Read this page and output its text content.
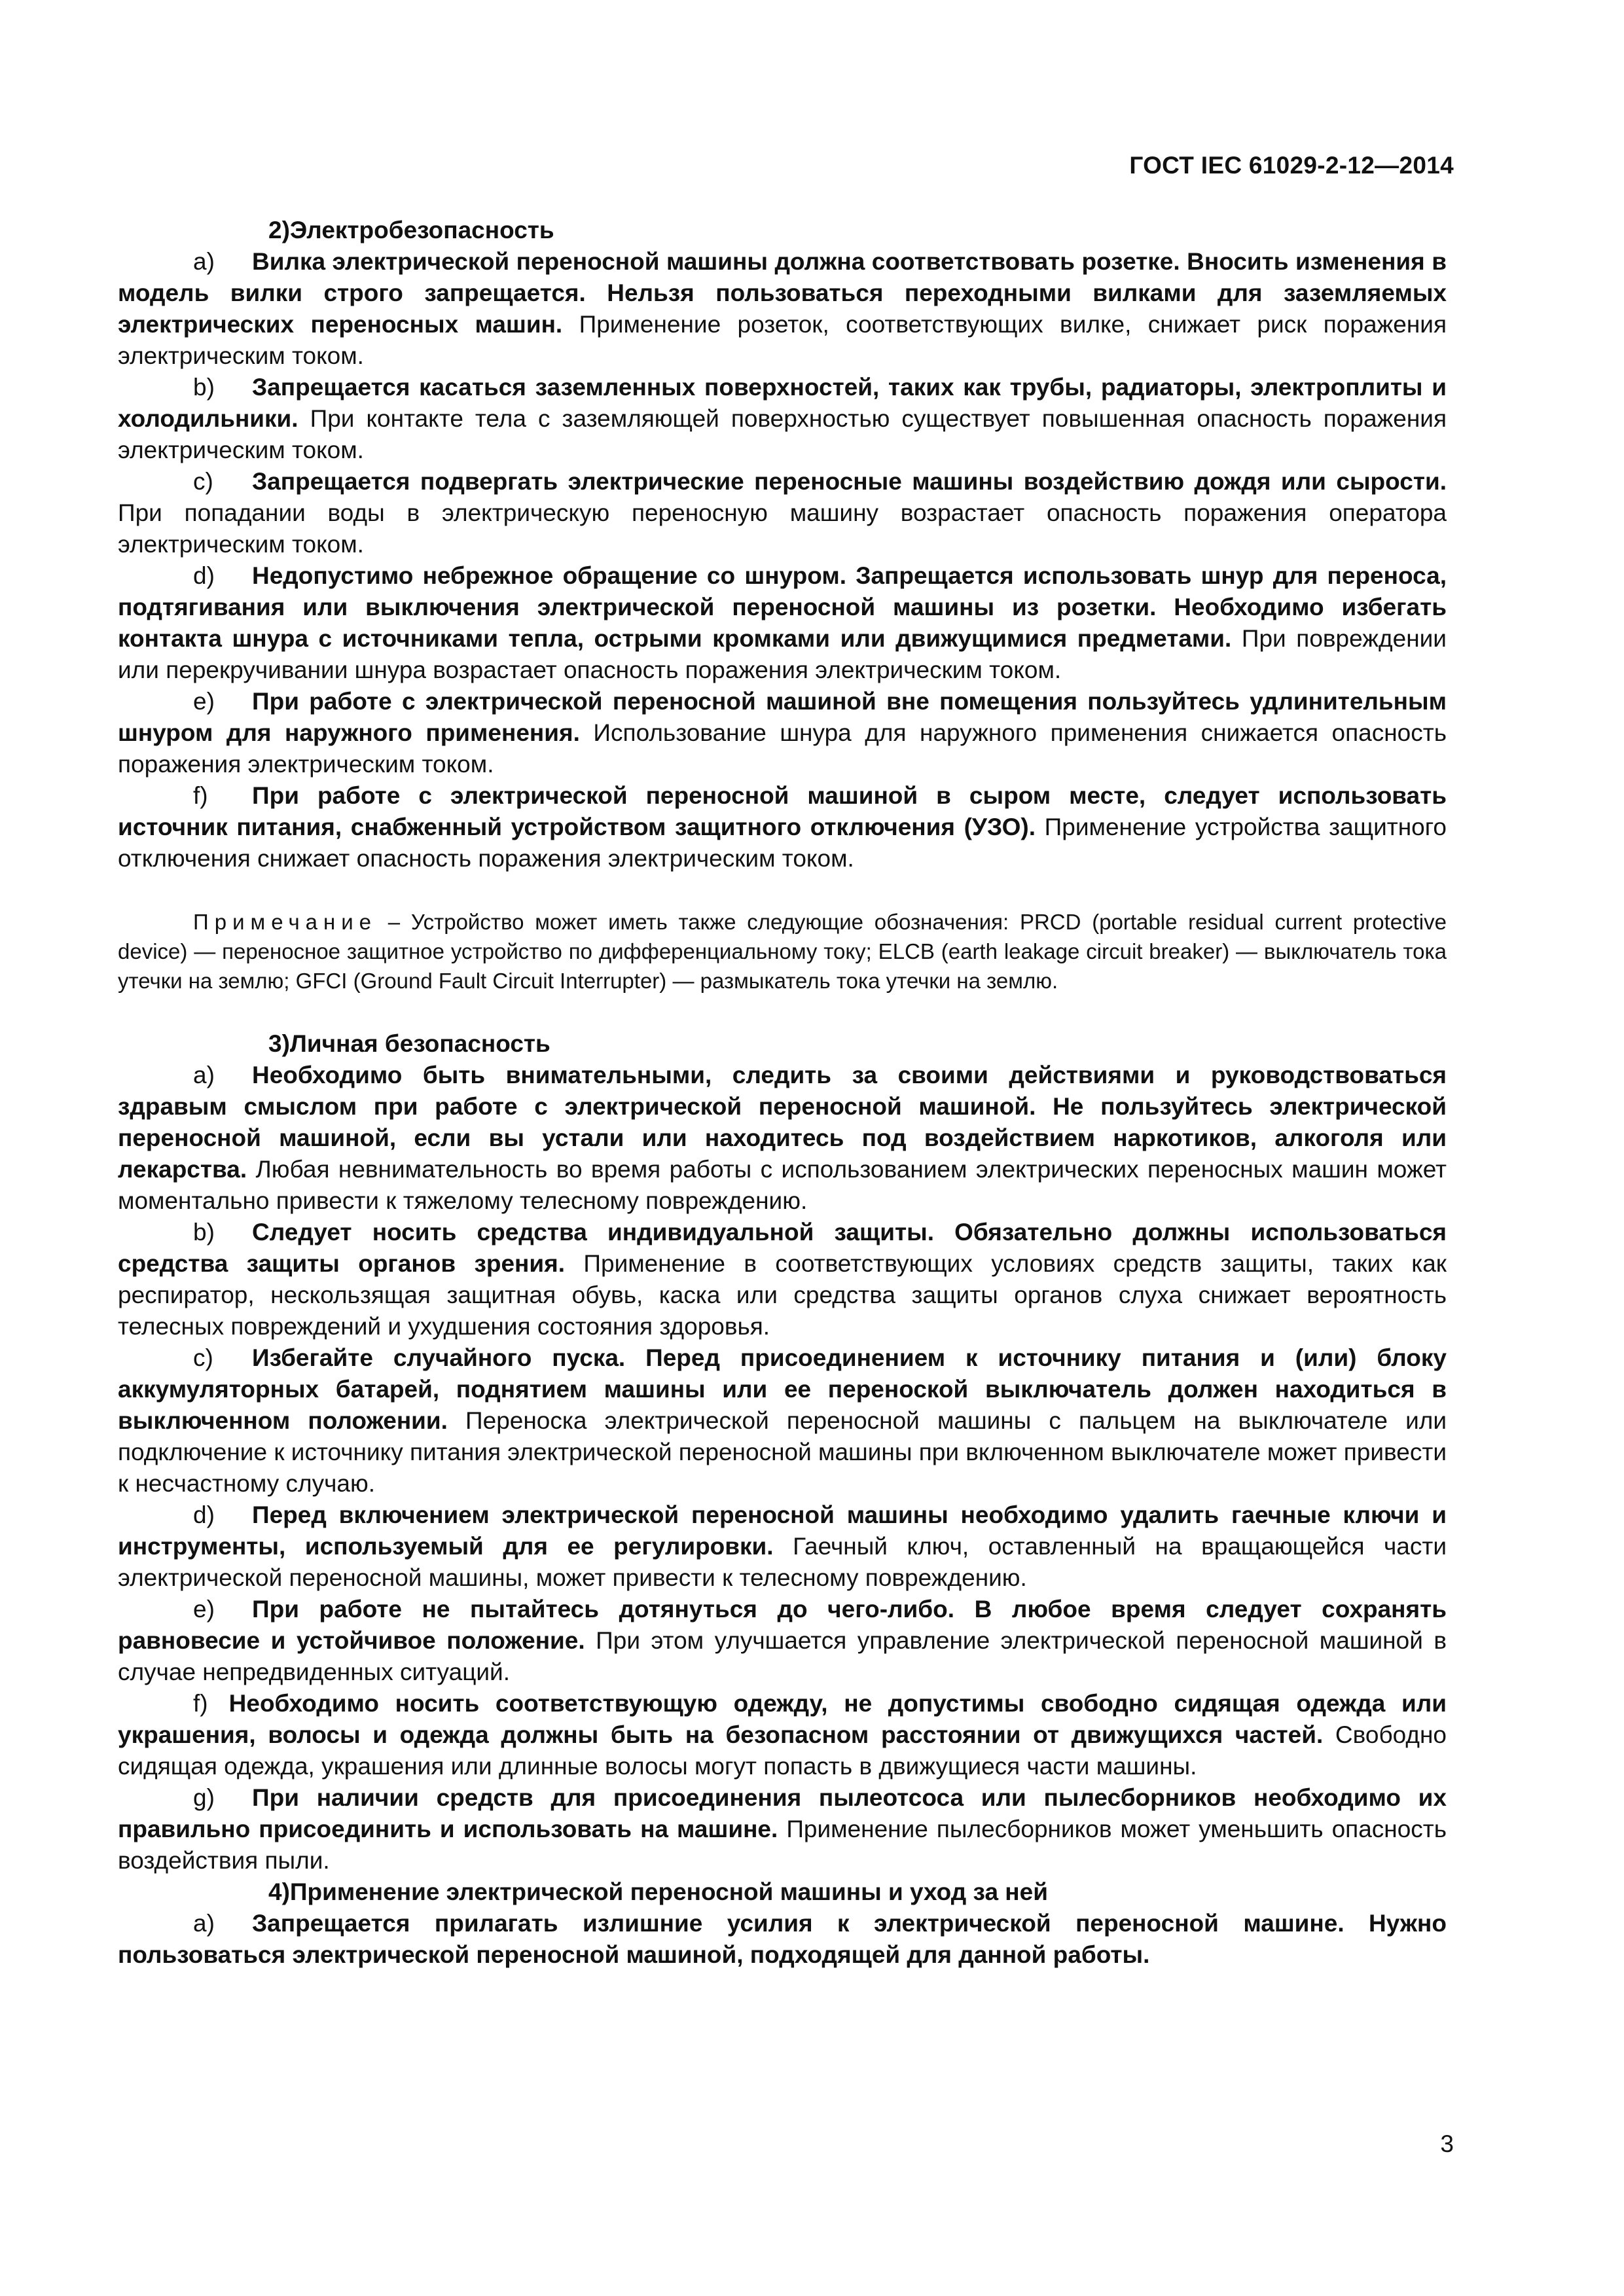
ГОСТ IEC 61029-2-12—2014

2)Электробезопасность

a) Вилка электрической переносной машины должна соответствовать розетке. Вносить изменения в модель вилки строго запрещается. Нельзя пользоваться переходными вилками для заземляемых электрических переносных машин. Применение розеток, соответствующих вилке, снижает риск поражения электрическим током.

b) Запрещается касаться заземленных поверхностей, таких как трубы, радиаторы, электроплиты и холодильники. При контакте тела с заземляющей поверхностью существует повышенная опасность поражения электрическим током.

c) Запрещается подвергать электрические переносные машины воздействию дождя или сырости. При попадании воды в электрическую переносную машину возрастает опасность поражения оператора электрическим током.

d) Недопустимо небрежное обращение со шнуром. Запрещается использовать шнур для переноса, подтягивания или выключения электрической переносной машины из розетки. Необходимо избегать контакта шнура с источниками тепла, острыми кромками или движущимися предметами. При повреждении или перекручивании шнура возрастает опасность поражения электрическим током.

e) При работе с электрической переносной машиной вне помещения пользуйтесь удлинительным шнуром для наружного применения. Использование шнура для наружного применения снижается опасность поражения электрическим током.

f) При работе с электрической переносной машиной в сыром месте, следует использовать источник питания, снабженный устройством защитного отключения (УЗО). Применение устройства защитного отключения снижает опасность поражения электрическим током.

Примечание – Устройство может иметь также следующие обозначения: PRCD (portable residual current protective device) — переносное защитное устройство по дифференциальному току; ELCB (earth leakage circuit breaker) — выключатель тока утечки на землю; GFCI (Ground Fault Circuit Interrupter) — размыкатель тока утечки на землю.

3)Личная безопасность

a) Необходимо быть внимательными, следить за своими действиями и руководствоваться здравым смыслом при работе с электрической переносной машиной. Не пользуйтесь электрической переносной машиной, если вы устали или находитесь под воздействием наркотиков, алкоголя или лекарства. Любая невнимательность во время работы с использованием электрических переносных машин может моментально привести к тяжелому телесному повреждению.

b) Следует носить средства индивидуальной защиты. Обязательно должны использоваться средства защиты органов зрения. Применение в соответствующих условиях средств защиты, таких как респиратор, нескользящая защитная обувь, каска или средства защиты органов слуха снижает вероятность телесных повреждений и ухудшения состояния здоровья.

c) Избегайте случайного пуска. Перед присоединением к источнику питания и (или) блоку аккумуляторных батарей, поднятием машины или ее переноской выключатель должен находиться в выключенном положении. Переноска электрической переносной машины с пальцем на выключателе или подключение к источнику питания электрической переносной машины при включенном выключателе может привести к несчастному случаю.

d) Перед включением электрической переносной машины необходимо удалить гаечные ключи и инструменты, используемый для ее регулировки. Гаечный ключ, оставленный на вращающейся части электрической переносной машины, может привести к телесному повреждению.

e) При работе не пытайтесь дотянуться до чего-либо. В любое время следует сохранять равновесие и устойчивое положение. При этом улучшается управление электрической переносной машиной в случае непредвиденных ситуаций.

f) Необходимо носить соответствующую одежду, не допустимы свободно сидящая одежда или украшения, волосы и одежда должны быть на безопасном расстоянии от движущихся частей. Свободно сидящая одежда, украшения или длинные волосы могут попасть в движущиеся части машины.

g) При наличии средств для присоединения пылеотсоса или пылесборников необходимо их правильно присоединить и использовать на машине. Применение пылесборников может уменьшить опасность воздействия пыли.

4)Применение электрической переносной машины и уход за ней

a) Запрещается прилагать излишние усилия к электрической переносной машине. Нужно пользоваться электрической переносной машиной, подходящей для данной работы.

3
